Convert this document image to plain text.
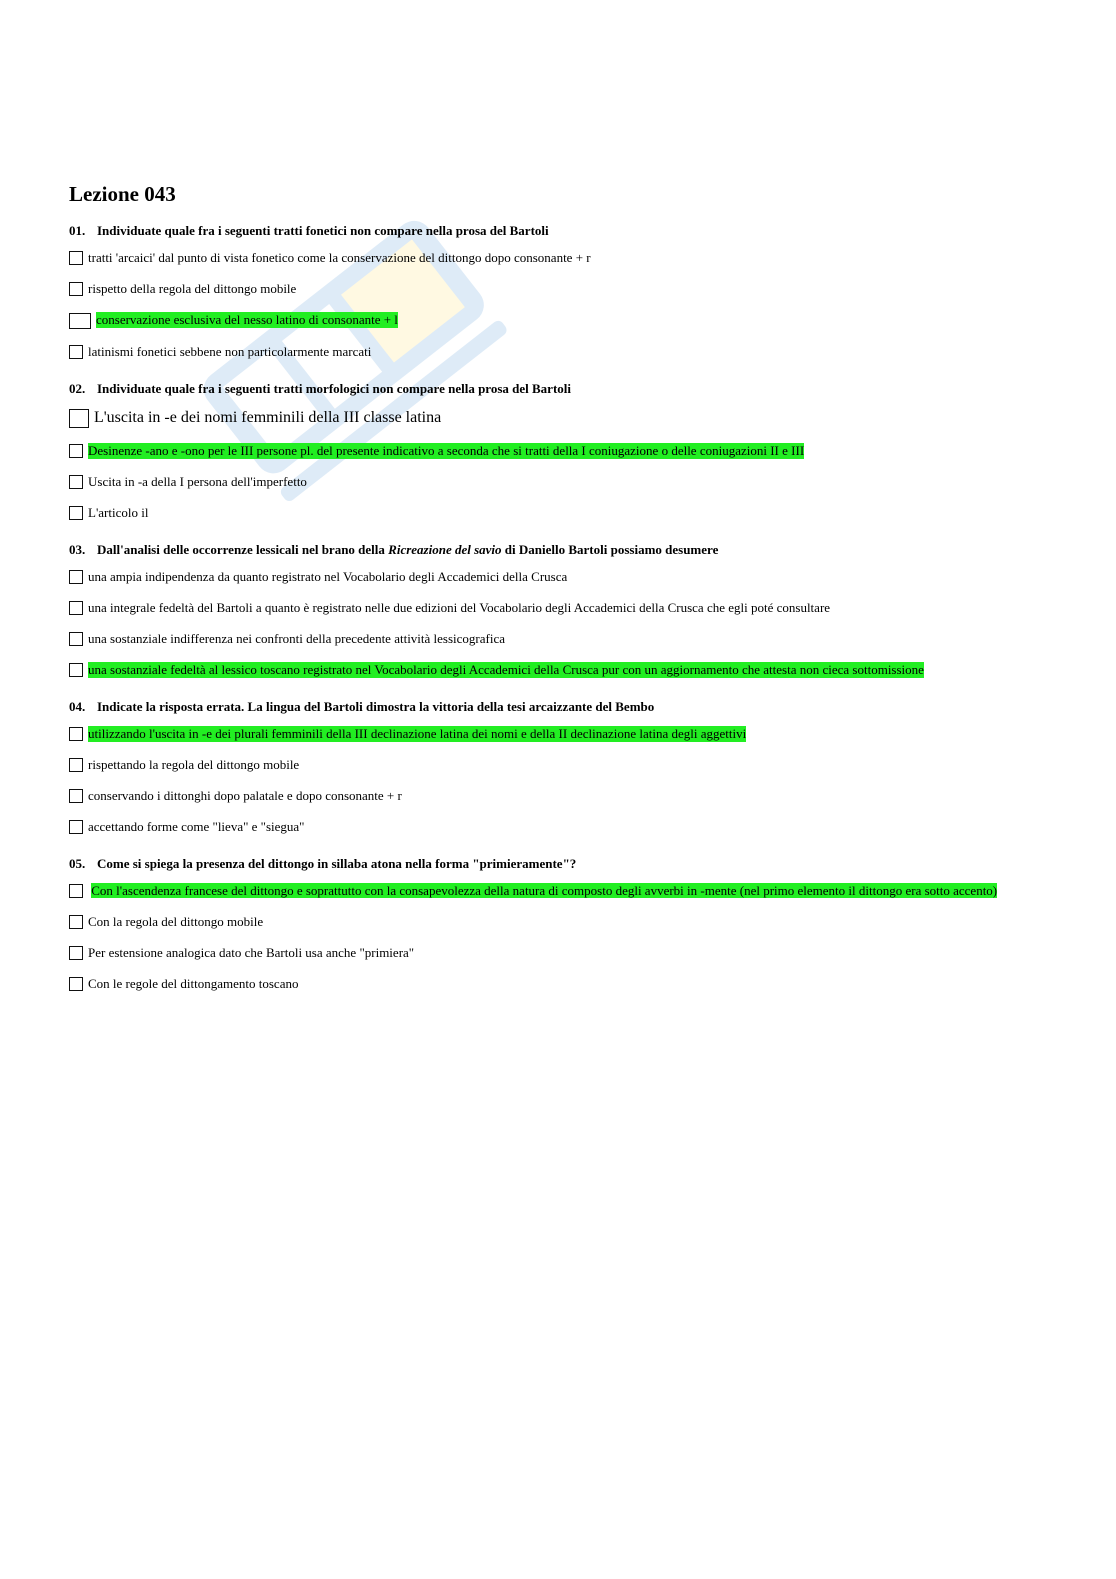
Lezione 043
01. Individuate quale fra i seguenti tratti fonetici non compare nella prosa del Bartoli
tratti 'arcaici' dal punto di vista fonetico come la conservazione del dittongo dopo consonante + r
rispetto della regola del dittongo mobile
conservazione esclusiva del nesso latino di consonante + l
latinismi fonetici sebbene non particolarmente marcati
02. Individuate quale fra i seguenti tratti morfologici non compare nella prosa del Bartoli
L'uscita in -e dei nomi femminili della III classe latina
Desinenze -ano e -ono per le III persone pl. del presente indicativo a seconda che si tratti della I coniugazione o delle coniugazioni II e III
Uscita in -a della I persona dell'imperfetto
L'articolo il
03. Dall'analisi delle occorrenze lessicali nel brano della Ricreazione del savio di Daniello Bartoli possiamo desumere
una ampia indipendenza da quanto registrato nel Vocabolario degli Accademici della Crusca
una integrale fedeltà del Bartoli a quanto è registrato nelle due edizioni del Vocabolario degli Accademici della Crusca che egli poté consultare
una sostanziale indifferenza nei confronti della precedente attività lessicografica
una sostanziale fedeltà al lessico toscano registrato nel Vocabolario degli Accademici della Crusca pur con un aggiornamento che attesta non cieca sottomissione
04. Indicate la risposta errata. La lingua del Bartoli dimostra la vittoria della tesi arcaizzante del Bembo
utilizzando l'uscita in -e dei plurali femminili della III declinazione latina dei nomi e della II declinazione latina degli aggettivi
rispettando la regola del dittongo mobile
conservando i dittonghi dopo palatale e dopo consonante + r
accettando forme come "lieva" e "siegua"
05. Come si spiega la presenza del dittongo in sillaba atona nella forma "primieramente"?
Con l'ascendenza francese del dittongo e soprattutto con la consapevolezza della natura di composto degli avverbi in -mente (nel primo elemento il dittongo era sotto accento)
Con la regola del dittongo mobile
Per estensione analogica dato che Bartoli usa anche "primiera"
Con le regole del dittongamento toscano
